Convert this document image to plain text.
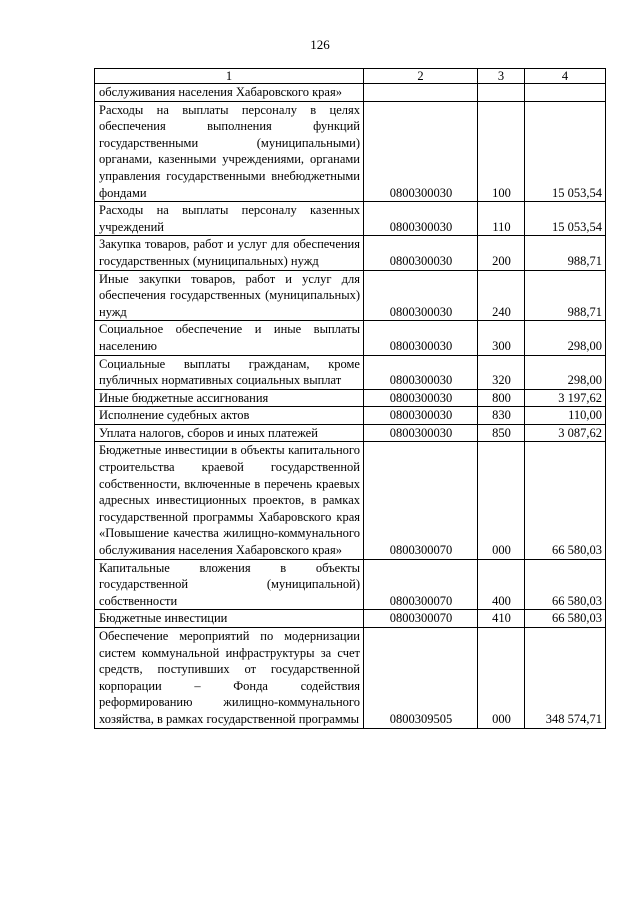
126
1	2	3	4
обслуживания населения Хабаровского края»			
Расходы на выплаты персоналу в целях обеспечения выполнения функций государственными (муниципальными) органами, казенными учреждениями, органами управления государственными внебюджетными фондами	0800300030	100	15 053,54
Расходы на выплаты персоналу казенных учреждений	0800300030	110	15 053,54
Закупка товаров, работ и услуг для обеспечения государственных (муниципальных) нужд	0800300030	200	988,71
Иные закупки товаров, работ и услуг для обеспечения государственных (муниципальных) нужд	0800300030	240	988,71
Социальное обеспечение и иные выплаты населению	0800300030	300	298,00
Социальные выплаты гражданам, кроме публичных нормативных социальных выплат	0800300030	320	298,00
Иные бюджетные ассигнования	0800300030	800	3 197,62
Исполнение судебных актов	0800300030	830	110,00
Уплата налогов, сборов и иных платежей	0800300030	850	3 087,62
Бюджетные инвестиции в объекты капитального строительства краевой государственной собственности, включенные в перечень краевых адресных инвестиционных проектов, в рамках государственной программы Хабаровского края «Повышение качества жилищно-коммунального обслуживания населения Хабаровского края»	0800300070	000	66 580,03
Капитальные вложения в объекты государственной (муниципальной) собственности	0800300070	400	66 580,03
Бюджетные инвестиции	0800300070	410	66 580,03
Обеспечение мероприятий по модернизации систем коммунальной инфраструктуры за счет средств, поступивших от государственной корпорации – Фонда содействия реформированию жилищно-коммунального хозяйства, в рамках государственной программы	0800309505	000	348 574,71
